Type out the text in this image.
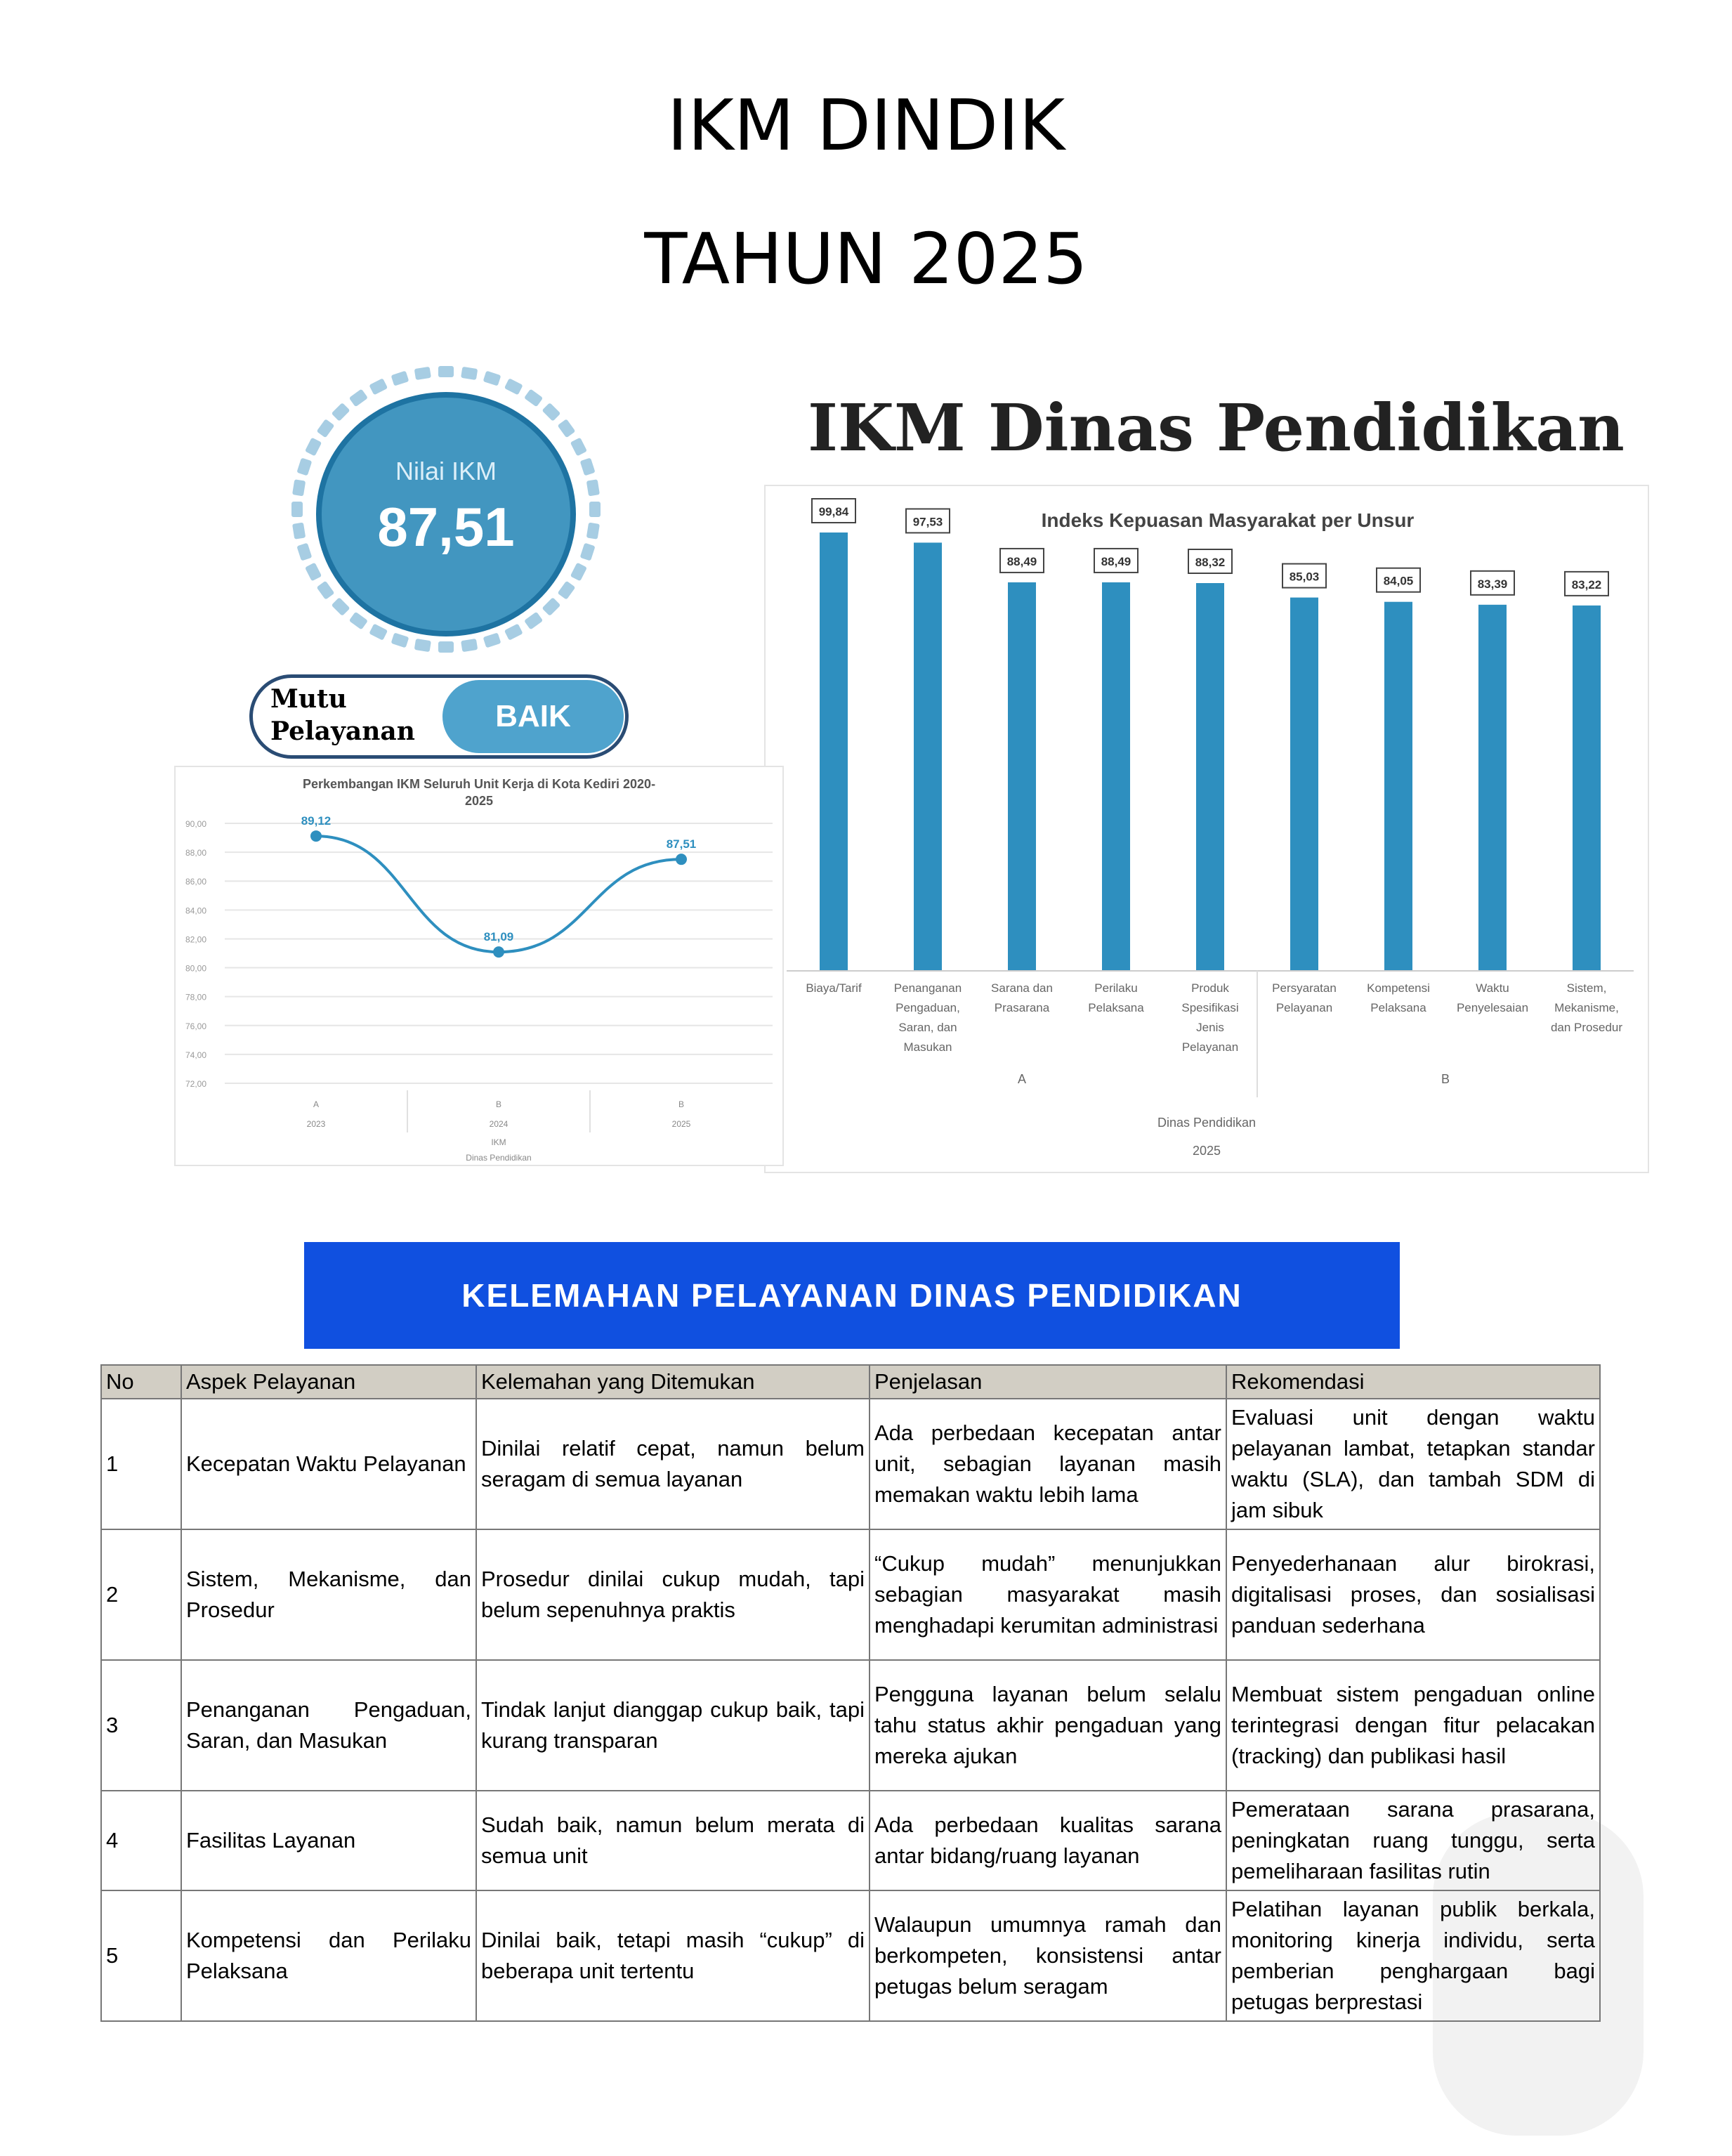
IKM DINDIK
TAHUN 2025
Nilai IKM
87,51
Mutu
Pelayanan	BAIK
IKM Dinas Pendidikan
Indeks Kepuasan Masyarakat per Unsur
99,84
Biaya/Tarif
97,53
Penanganan
Pengaduan,
Saran, dan
Masukan
88,49
Sarana dan
Prasarana
88,49
Perilaku
Pelaksana
88,32
Produk
Spesifikasi
Jenis
Pelayanan
85,03
Persyaratan
Pelayanan
84,05
Kompetensi
Pelaksana
83,39
Waktu
Penyelesaian
83,22
Sistem,
Mekanisme,
dan Prosedur
A	B
Dinas Pendidikan
2025
Perkembangan IKM Seluruh Unit Kerja di Kota Kediri 2020-
2025
90,00
88,00
86,00
84,00
82,00
80,00
78,00
76,00
74,00
72,00
89,12
A
2023
81,09
B
2024
87,51
B
2025
IKM
Dinas Pendidikan
KELEMAHAN PELAYANAN DINAS PENDIDIKAN
No	Aspek Pelayanan	Kelemahan yang Ditemukan	Penjelasan	Rekomendasi
1	Kecepatan Waktu Pelayanan	Dinilai relatif cepat, namun belum seragam di semua layanan	Ada perbedaan kecepatan antar unit, sebagian layanan masih memakan waktu lebih lama	Evaluasi unit dengan waktu pelayanan lambat, tetapkan standar waktu (SLA), dan tambah SDM di jam sibuk
2	Sistem, Mekanisme, dan Prosedur	Prosedur dinilai cukup mudah, tapi belum sepenuhnya praktis	“Cukup mudah” menunjukkan sebagian masyarakat masih menghadapi kerumitan administrasi	Penyederhanaan alur birokrasi, digitalisasi proses, dan sosialisasi panduan sederhana
3	Penanganan Pengaduan, Saran, dan Masukan	Tindak lanjut dianggap cukup baik, tapi kurang transparan	Pengguna layanan belum selalu tahu status akhir pengaduan yang mereka ajukan	Membuat sistem pengaduan online terintegrasi dengan fitur pelacakan (tracking) dan publikasi hasil
4	Fasilitas Layanan	Sudah baik, namun belum merata di semua unit	Ada perbedaan kualitas sarana antar bidang/ruang layanan	Pemerataan sarana prasarana, peningkatan ruang tunggu, serta pemeliharaan fasilitas rutin
5	Kompetensi dan Perilaku Pelaksana	Dinilai baik, tetapi masih “cukup” di beberapa unit tertentu	Walaupun umumnya ramah dan berkompeten, konsistensi antar petugas belum seragam	Pelatihan layanan publik berkala, monitoring kinerja individu, serta pemberian penghargaan bagi petugas berprestasi
